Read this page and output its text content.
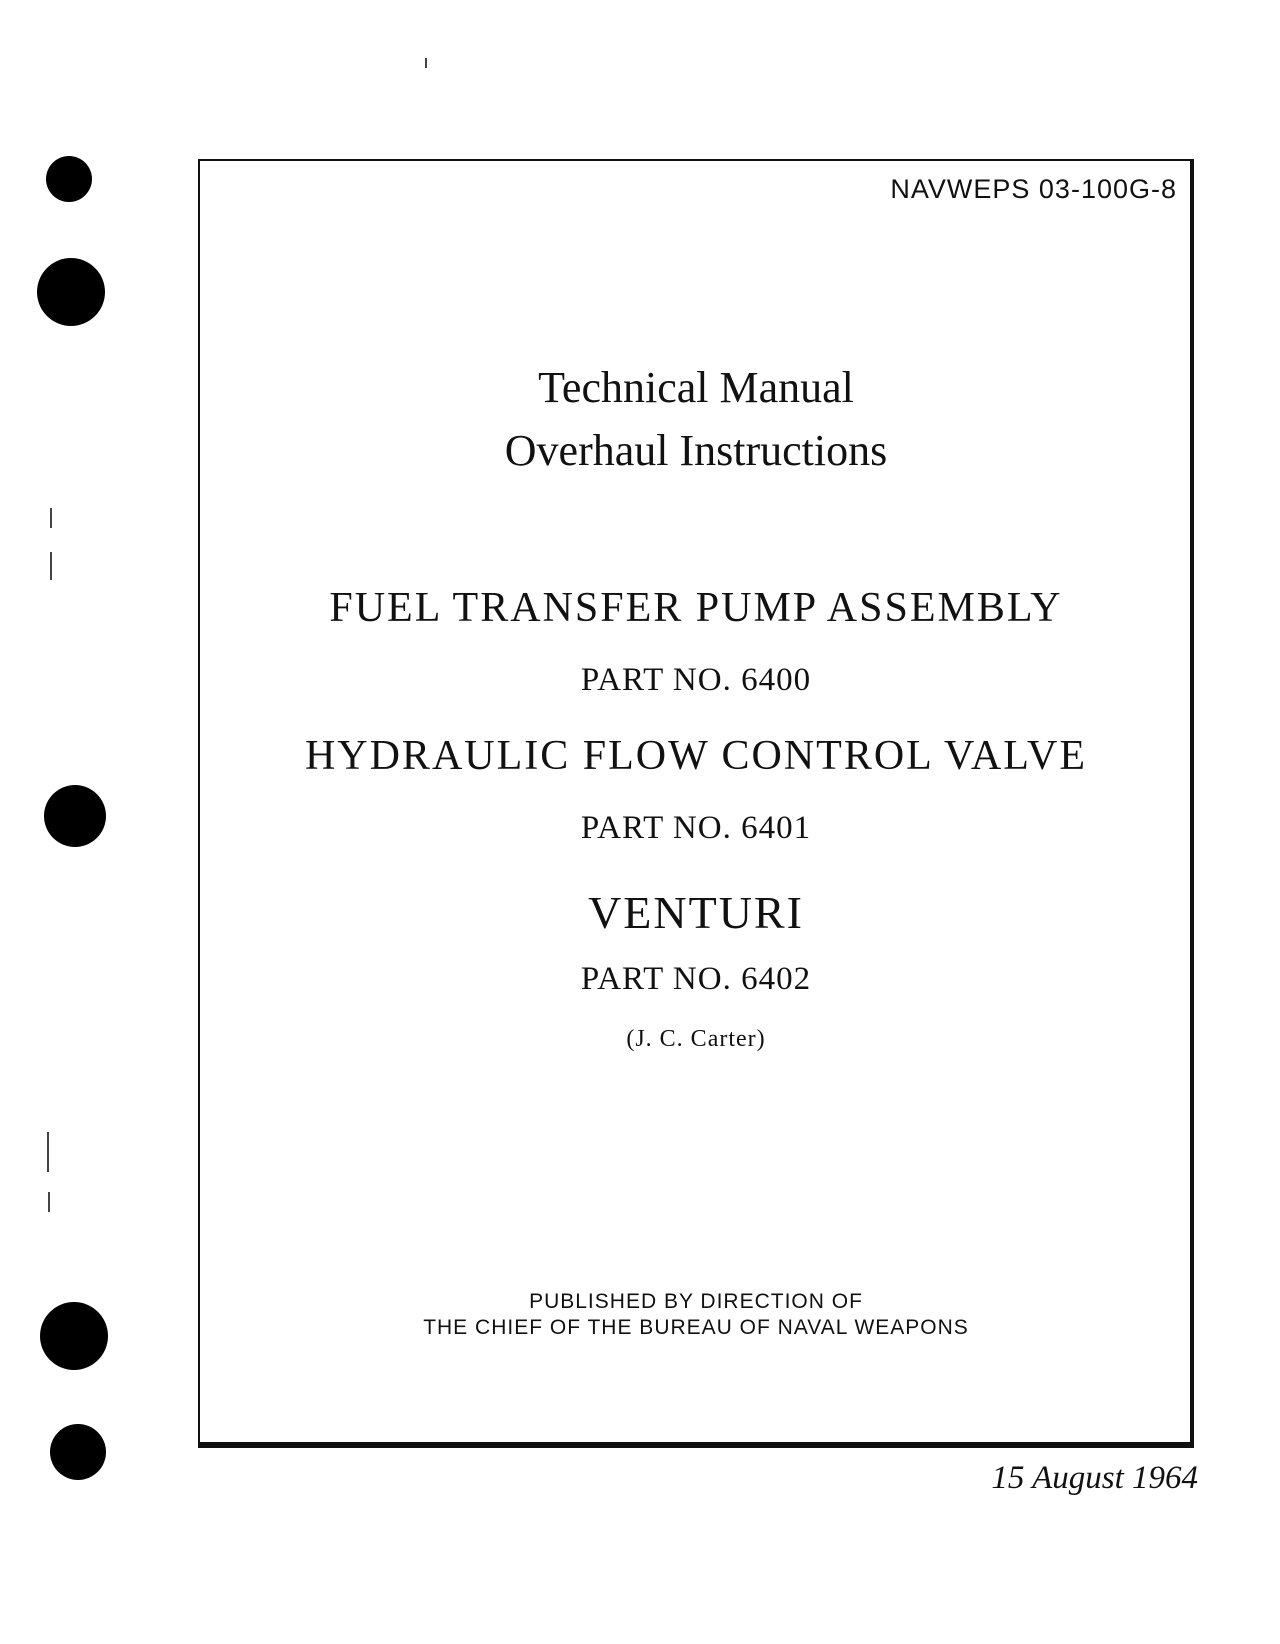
NAVWEPS 03-100G-8
Technical Manual
Overhaul Instructions
FUEL TRANSFER PUMP ASSEMBLY
PART NO. 6400
HYDRAULIC FLOW CONTROL VALVE
PART NO. 6401
VENTURI
PART NO. 6402
(J. C. Carter)
PUBLISHED BY DIRECTION OF
THE CHIEF OF THE BUREAU OF NAVAL WEAPONS
15 August 1964
